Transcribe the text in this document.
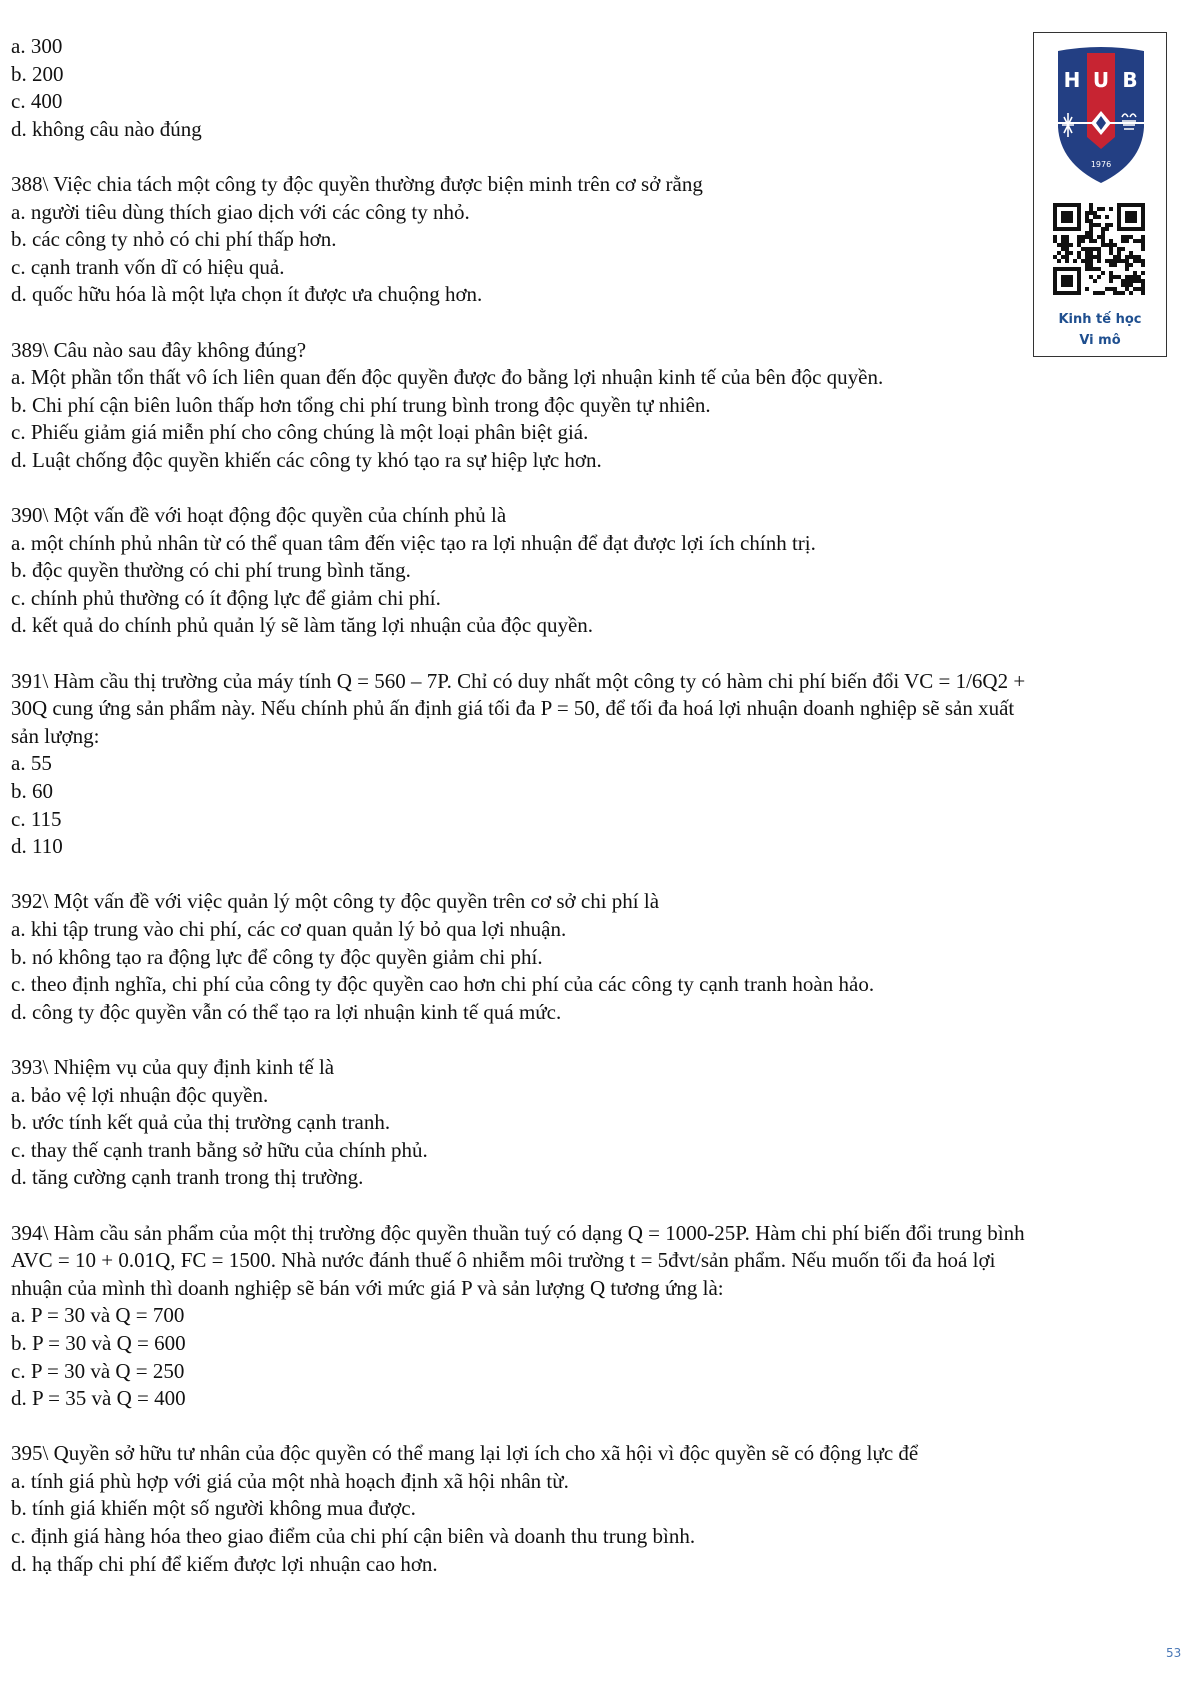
a. 300
b. 200
c. 400
d. không câu nào đúng
388\ Việc chia tách một công ty độc quyền thường được biện minh trên cơ sở rằng
a. người tiêu dùng thích giao dịch với các công ty nhỏ.
b. các công ty nhỏ có chi phí thấp hơn.
c. cạnh tranh vốn dĩ có hiệu quả.
d. quốc hữu hóa là một lựa chọn ít được ưa chuộng hơn.
389\ Câu nào sau đây không đúng?
a. Một phần tổn thất vô ích liên quan đến độc quyền được đo bằng lợi nhuận kinh tế của bên độc quyền.
b. Chi phí cận biên luôn thấp hơn tổng chi phí trung bình trong độc quyền tự nhiên.
c. Phiếu giảm giá miễn phí cho công chúng là một loại phân biệt giá.
d. Luật chống độc quyền khiến các công ty khó tạo ra sự hiệp lực hơn.
390\ Một vấn đề với hoạt động độc quyền của chính phủ là
a. một chính phủ nhân từ có thể quan tâm đến việc tạo ra lợi nhuận để đạt được lợi ích chính trị.
b. độc quyền thường có chi phí trung bình tăng.
c. chính phủ thường có ít động lực để giảm chi phí.
d. kết quả do chính phủ quản lý sẽ làm tăng lợi nhuận của độc quyền.
391\ Hàm cầu thị trường của máy tính Q = 560 – 7P. Chỉ có duy nhất một công ty có hàm chi phí biến đổi VC = 1/6Q2 +
30Q cung ứng sản phẩm này. Nếu chính phủ ấn định giá tối đa P = 50, để tối đa hoá lợi nhuận doanh nghiệp sẽ sản xuất
sản lượng:
a. 55
b. 60
c. 115
d. 110
392\ Một vấn đề với việc quản lý một công ty độc quyền trên cơ sở chi phí là
a. khi tập trung vào chi phí, các cơ quan quản lý bỏ qua lợi nhuận.
b. nó không tạo ra động lực để công ty độc quyền giảm chi phí.
c. theo định nghĩa, chi phí của công ty độc quyền cao hơn chi phí của các công ty cạnh tranh hoàn hảo.
d. công ty độc quyền vẫn có thể tạo ra lợi nhuận kinh tế quá mức.
393\ Nhiệm vụ của quy định kinh tế là
a. bảo vệ lợi nhuận độc quyền.
b. ước tính kết quả của thị trường cạnh tranh.
c. thay thế cạnh tranh bằng sở hữu của chính phủ.
d. tăng cường cạnh tranh trong thị trường.
394\ Hàm cầu sản phẩm của một thị trường độc quyền thuần tuý có dạng Q = 1000-25P. Hàm chi phí biến đổi trung bình
AVC = 10 + 0.01Q, FC = 1500. Nhà nước đánh thuế ô nhiễm môi trường t = 5đvt/sản phẩm. Nếu muốn tối đa hoá lợi
nhuận của mình thì doanh nghiệp sẽ bán với mức giá P và sản lượng Q tương ứng là:
a. P = 30 và Q = 700
b. P = 30 và Q = 600
c. P = 30 và Q = 250
d. P = 35 và Q = 400
395\ Quyền sở hữu tư nhân của độc quyền có thể mang lại lợi ích cho xã hội vì độc quyền sẽ có động lực để
a. tính giá phù hợp với giá của một nhà hoạch định xã hội nhân từ.
b. tính giá khiến một số người không mua được.
c. định giá hàng hóa theo giao điểm của chi phí cận biên và doanh thu trung bình.
d. hạ thấp chi phí để kiếm được lợi nhuận cao hơn.
H U B
1976
Kinh tế học
Vi mô
53
